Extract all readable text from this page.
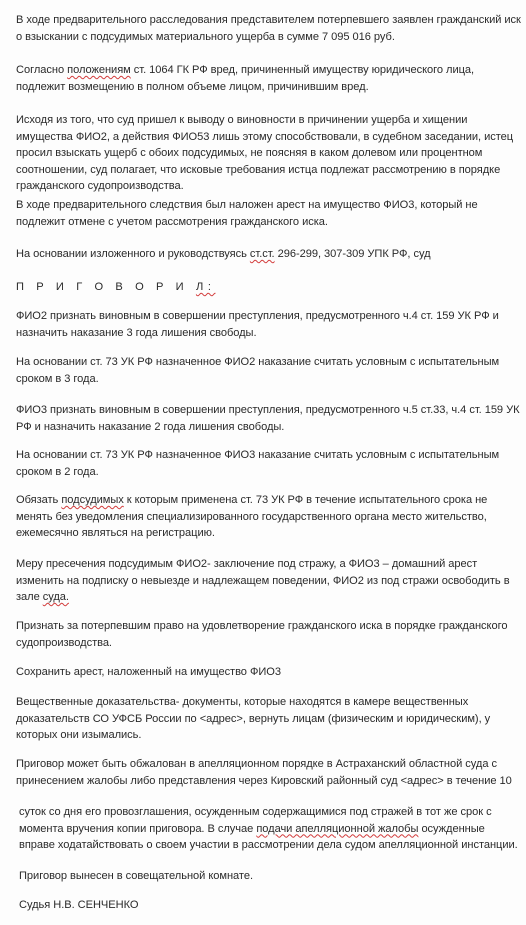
В ходе предварительного расследования представителем потерпевшего заявлен гражданский иск о взыскании с подсудимых материального ущерба в сумме 7 095 016 руб.

Согласно положениям ст. 1064 ГК РФ вред, причиненный имуществу юридического лица, подлежит возмещению в полном объеме лицом, причинившим вред.

Исходя из того, что суд пришел к выводу о виновности в причинении ущерба и хищении имущества ФИО2, а действия ФИО53 лишь этому способствовали, в судебном заседании, истец просил взыскать ущерб с обоих подсудимых, не поясняя в каком долевом или процентном соотношении, суд полагает, что исковые требования истца подлежат рассмотрению в порядке гражданского судопроизводства.

В ходе предварительного следствия был наложен арест на имущество ФИО3, который не подлежит отмене с учетом рассмотрения гражданского иска.

На основании изложенного и руководствуясь ст.ст. 296-299, 307-309 УПК РФ, суд

П Р И Г О В О Р И Л:

ФИО2 признать виновным в совершении преступления, предусмотренного ч.4 ст. 159 УК РФ и назначить наказание 3 года лишения свободы.

На основании ст. 73 УК РФ назначенное ФИО2 наказание считать условным с испытательным сроком в 3 года.

ФИО3 признать виновным в совершении преступления, предусмотренного ч.5 ст.33, ч.4 ст. 159 УК РФ и назначить наказание 2 года лишения свободы.

На основании ст. 73 УК РФ назначенное ФИО3 наказание считать условным с испытательным сроком в 2 года.

Обязать подсудимых к которым применена ст. 73 УК РФ в течение испытательного срока не менять без уведомления специализированного государственного органа место жительство, ежемесячно являться на регистрацию.

Меру пресечения подсудимым ФИО2- заключение под стражу, а ФИО3 – домашний арест изменить на подписку о невыезде и надлежащем поведении, ФИО2 из под стражи освободить в зале суда.

Признать за потерпевшим право на удовлетворение гражданского иска в порядке гражданского судопроизводства.

Сохранить арест, наложенный на имущество ФИО3

Вещественные доказательства- документы, которые находятся в камере вещественных доказательств СО УФСБ России по <адрес>, вернуть лицам (физическим и юридическим), у которых они изымались.

Приговор может быть обжалован в апелляционном порядке в Астраханский областной суда с принесением жалобы либо представления через Кировский районный суд <адрес> в течение 10

суток со дня его провозглашения, осужденным содержащимися под стражей в тот же срок с момента вручения копии приговора. В случае подачи апелляционной жалобы осужденные вправе ходатайствовать о своем участии в рассмотрении дела судом апелляционной инстанции.

Приговор вынесен в совещательной комнате.

Судья Н.В. СЕНЧЕНКО
